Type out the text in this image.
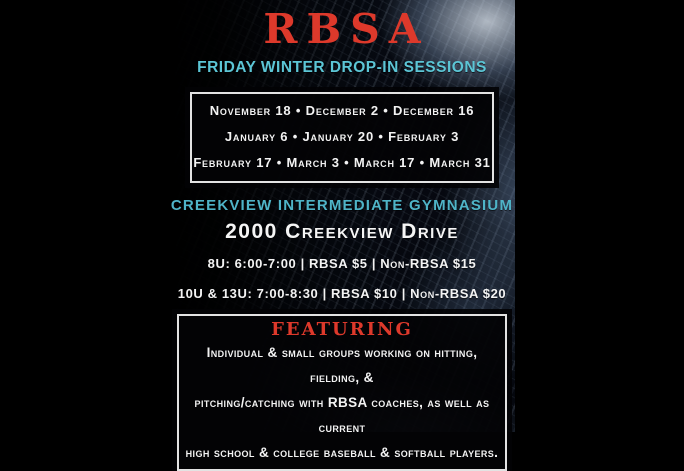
RBSA
FRIDAY WINTER DROP-IN SESSIONS
November 18 • December 2 • December 16
January 6 • January 20 • February 3
February 17 • March 3 • March 17 • March 31
CREEKVIEW INTERMEDIATE GYMNASIUM
2000 Creekview Drive
8U: 6:00-7:00 | RBSA $5 | Non-RBSA $15
10U & 13U: 7:00-8:30 | RBSA $10 | Non-RBSA $20
FEATURING
Individual & small groups working on hitting, fielding, &
pitching/catching with RBSA coaches, as well as current
high school & college baseball & softball players.
